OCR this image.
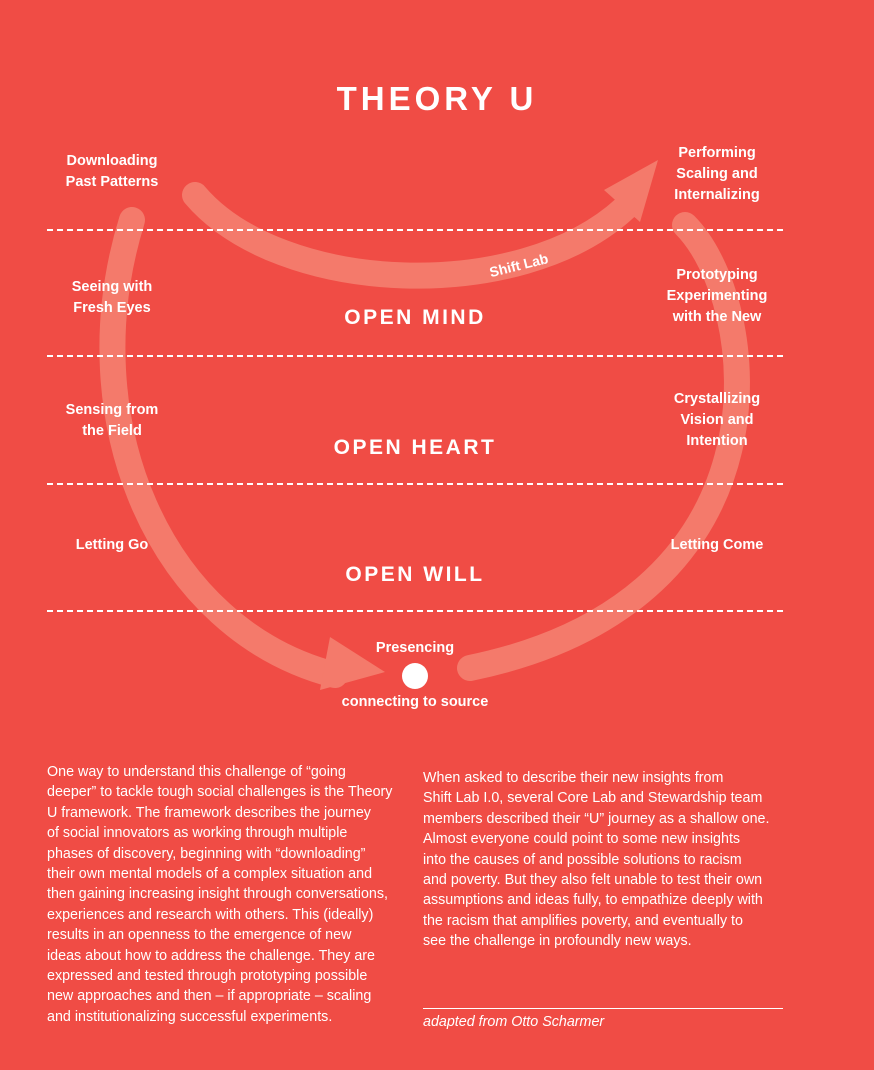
THEORY U
Shift Lab
OPEN MIND
OPEN HEART
OPEN WILL
Downloading
Past Patterns
Seeing with
Fresh Eyes
Sensing from
the Field
Letting Go
Performing
Scaling and
Internalizing
Prototyping
Experimenting
with the New
Crystallizing
Vision and
Intention
Letting Come
Presencing
connecting to source
One way to understand this challenge of “going
deeper” to tackle tough social challenges is the Theory
U framework. The framework describes the journey
of social innovators as working through multiple
phases of discovery, beginning with “downloading”
their own mental models of a complex situation and
then gaining increasing insight through conversations,
experiences and research with others. This (ideally)
results in an openness to the emergence of new
ideas about how to address the challenge. They are
expressed and tested through prototyping possible
new approaches and then – if appropriate – scaling
and institutionalizing successful experiments.
When asked to describe their new insights from
Shift Lab I.0, several Core Lab and Stewardship team
members described their “U” journey as a shallow one.
Almost everyone could point to some new insights
into the causes of and possible solutions to racism
and poverty. But they also felt unable to test their own
assumptions and ideas fully, to empathize deeply with
the racism that amplifies poverty, and eventually to
see the challenge in profoundly new ways.
adapted from Otto Scharmer
